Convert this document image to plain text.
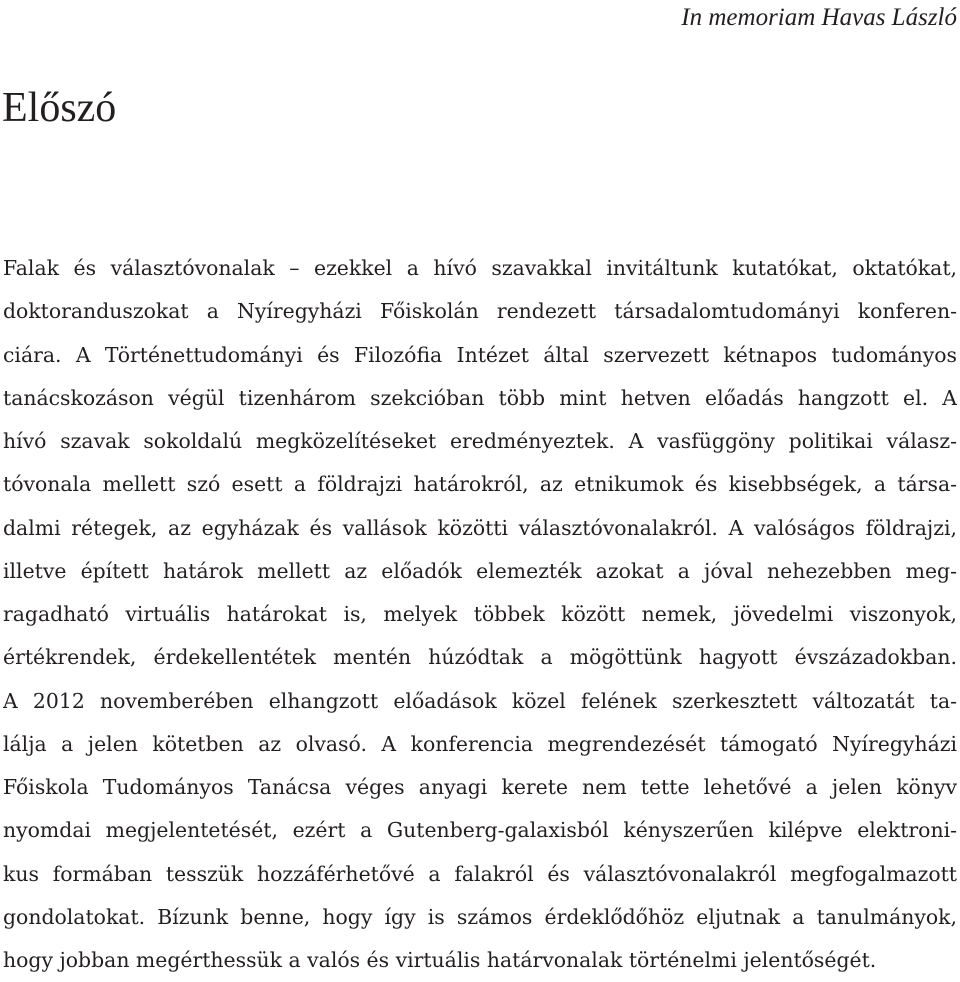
In memoriam Havas László
Előszó
Falak és választóvonalak – ezekkel a hívó szavakkal invitáltunk kutatókat, oktatókat,
doktoranduszokat a Nyíregyházi Főiskolán rendezett társadalomtudományi konferen-
ciára. A Történettudományi és Filozófia Intézet által szervezett kétnapos tudományos
tanácskozáson végül tizenhárom szekcióban több mint hetven előadás hangzott el. A
hívó szavak sokoldalú megközelítéseket eredményeztek. A vasfüggöny politikai válasz-
tóvonala mellett szó esett a földrajzi határokról, az etnikumok és kisebbségek, a társa-
dalmi rétegek, az egyházak és vallások közötti választóvonalakról. A valóságos földrajzi,
illetve épített határok mellett az előadók elemezték azokat a jóval nehezebben meg-
ragadható virtuális határokat is, melyek többek között nemek, jövedelmi viszonyok,
értékrendek, érdekellentétek mentén húzódtak a mögöttünk hagyott évszázadokban.
A 2012 novemberében elhangzott előadások közel felének szerkesztett változatát ta-
lálja a jelen kötetben az olvasó. A konferencia megrendezését támogató Nyíregyházi
Főiskola Tudományos Tanácsa véges anyagi kerete nem tette lehetővé a jelen könyv
nyomdai megjelentetését, ezért a Gutenberg-galaxisból kényszerűen kilépve elektroni-
kus formában tesszük hozzáférhetővé a falakról és választóvonalakról megfogalmazott
gondolatokat. Bízunk benne, hogy így is számos érdeklődőhöz eljutnak a tanulmányok,
hogy jobban megérthessük a valós és virtuális határvonalak történelmi jelentőségét.
